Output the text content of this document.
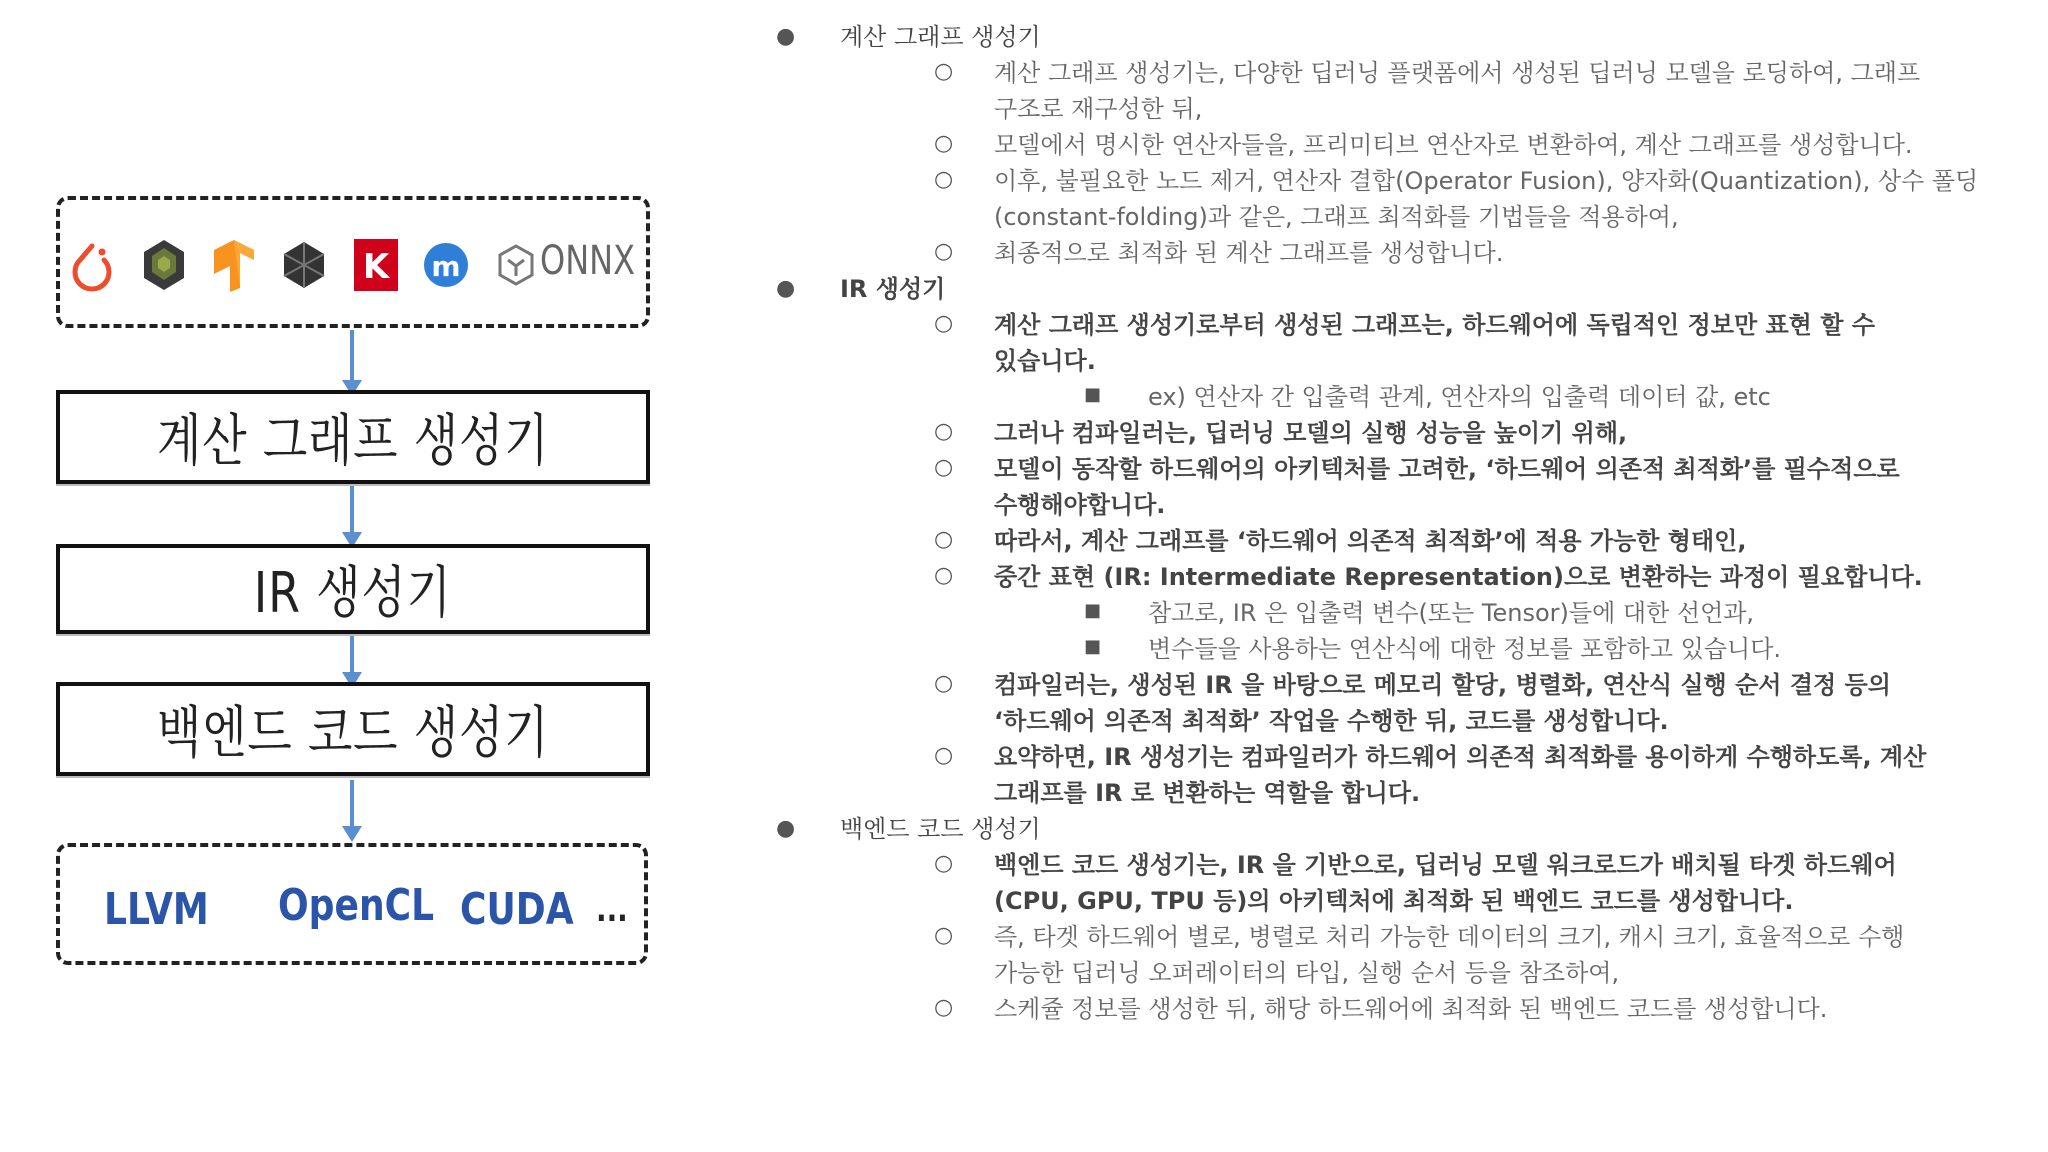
K m ONNX
계산 그래프 생성기
IR 생성기
백엔드 코드 생성기
LLVM OpenCL CUDA ...
● 계산 그래프 생성기
○ 계산 그래프 생성기는, 다양한 딥러닝 플랫폼에서 생성된 딥러닝 모델을 로딩하여, 그래프
구조로 재구성한 뒤,
○ 모델에서 명시한 연산자들을, 프리미티브 연산자로 변환하여, 계산 그래프를 생성합니다.
○ 이후, 불필요한 노드 제거, 연산자 결합(Operator Fusion), 양자화(Quantization), 상수 폴딩
(constant-folding)과 같은, 그래프 최적화를 기법들을 적용하여,
○ 최종적으로 최적화 된 계산 그래프를 생성합니다.
● IR 생성기
○ 계산 그래프 생성기로부터 생성된 그래프는, 하드웨어에 독립적인 정보만 표현 할 수
있습니다.
■ ex) 연산자 간 입출력 관계, 연산자의 입출력 데이터 값, etc
○ 그러나 컴파일러는, 딥러닝 모델의 실행 성능을 높이기 위해,
○ 모델이 동작할 하드웨어의 아키텍처를 고려한, ‘하드웨어 의존적 최적화’를 필수적으로
수행해야합니다.
○ 따라서, 계산 그래프를 ‘하드웨어 의존적 최적화’에 적용 가능한 형태인,
○ 중간 표현 (IR: Intermediate Representation)으로 변환하는 과정이 필요합니다.
■ 참고로, IR 은 입출력 변수(또는 Tensor)들에 대한 선언과,
■ 변수들을 사용하는 연산식에 대한 정보를 포함하고 있습니다.
○ 컴파일러는, 생성된 IR 을 바탕으로 메모리 할당, 병렬화, 연산식 실행 순서 결정 등의
‘하드웨어 의존적 최적화’ 작업을 수행한 뒤, 코드를 생성합니다.
○ 요약하면, IR 생성기는 컴파일러가 하드웨어 의존적 최적화를 용이하게 수행하도록, 계산
그래프를 IR 로 변환하는 역할을 합니다.
● 백엔드 코드 생성기
○ 백엔드 코드 생성기는, IR 을 기반으로, 딥러닝 모델 워크로드가 배치될 타겟 하드웨어
(CPU, GPU, TPU 등)의 아키텍처에 최적화 된 백엔드 코드를 생성합니다.
○ 즉, 타겟 하드웨어 별로, 병렬로 처리 가능한 데이터의 크기, 캐시 크기, 효율적으로 수행
가능한 딥러닝 오퍼레이터의 타입, 실행 순서 등을 참조하여,
○ 스케쥴 정보를 생성한 뒤, 해당 하드웨어에 최적화 된 백엔드 코드를 생성합니다.
